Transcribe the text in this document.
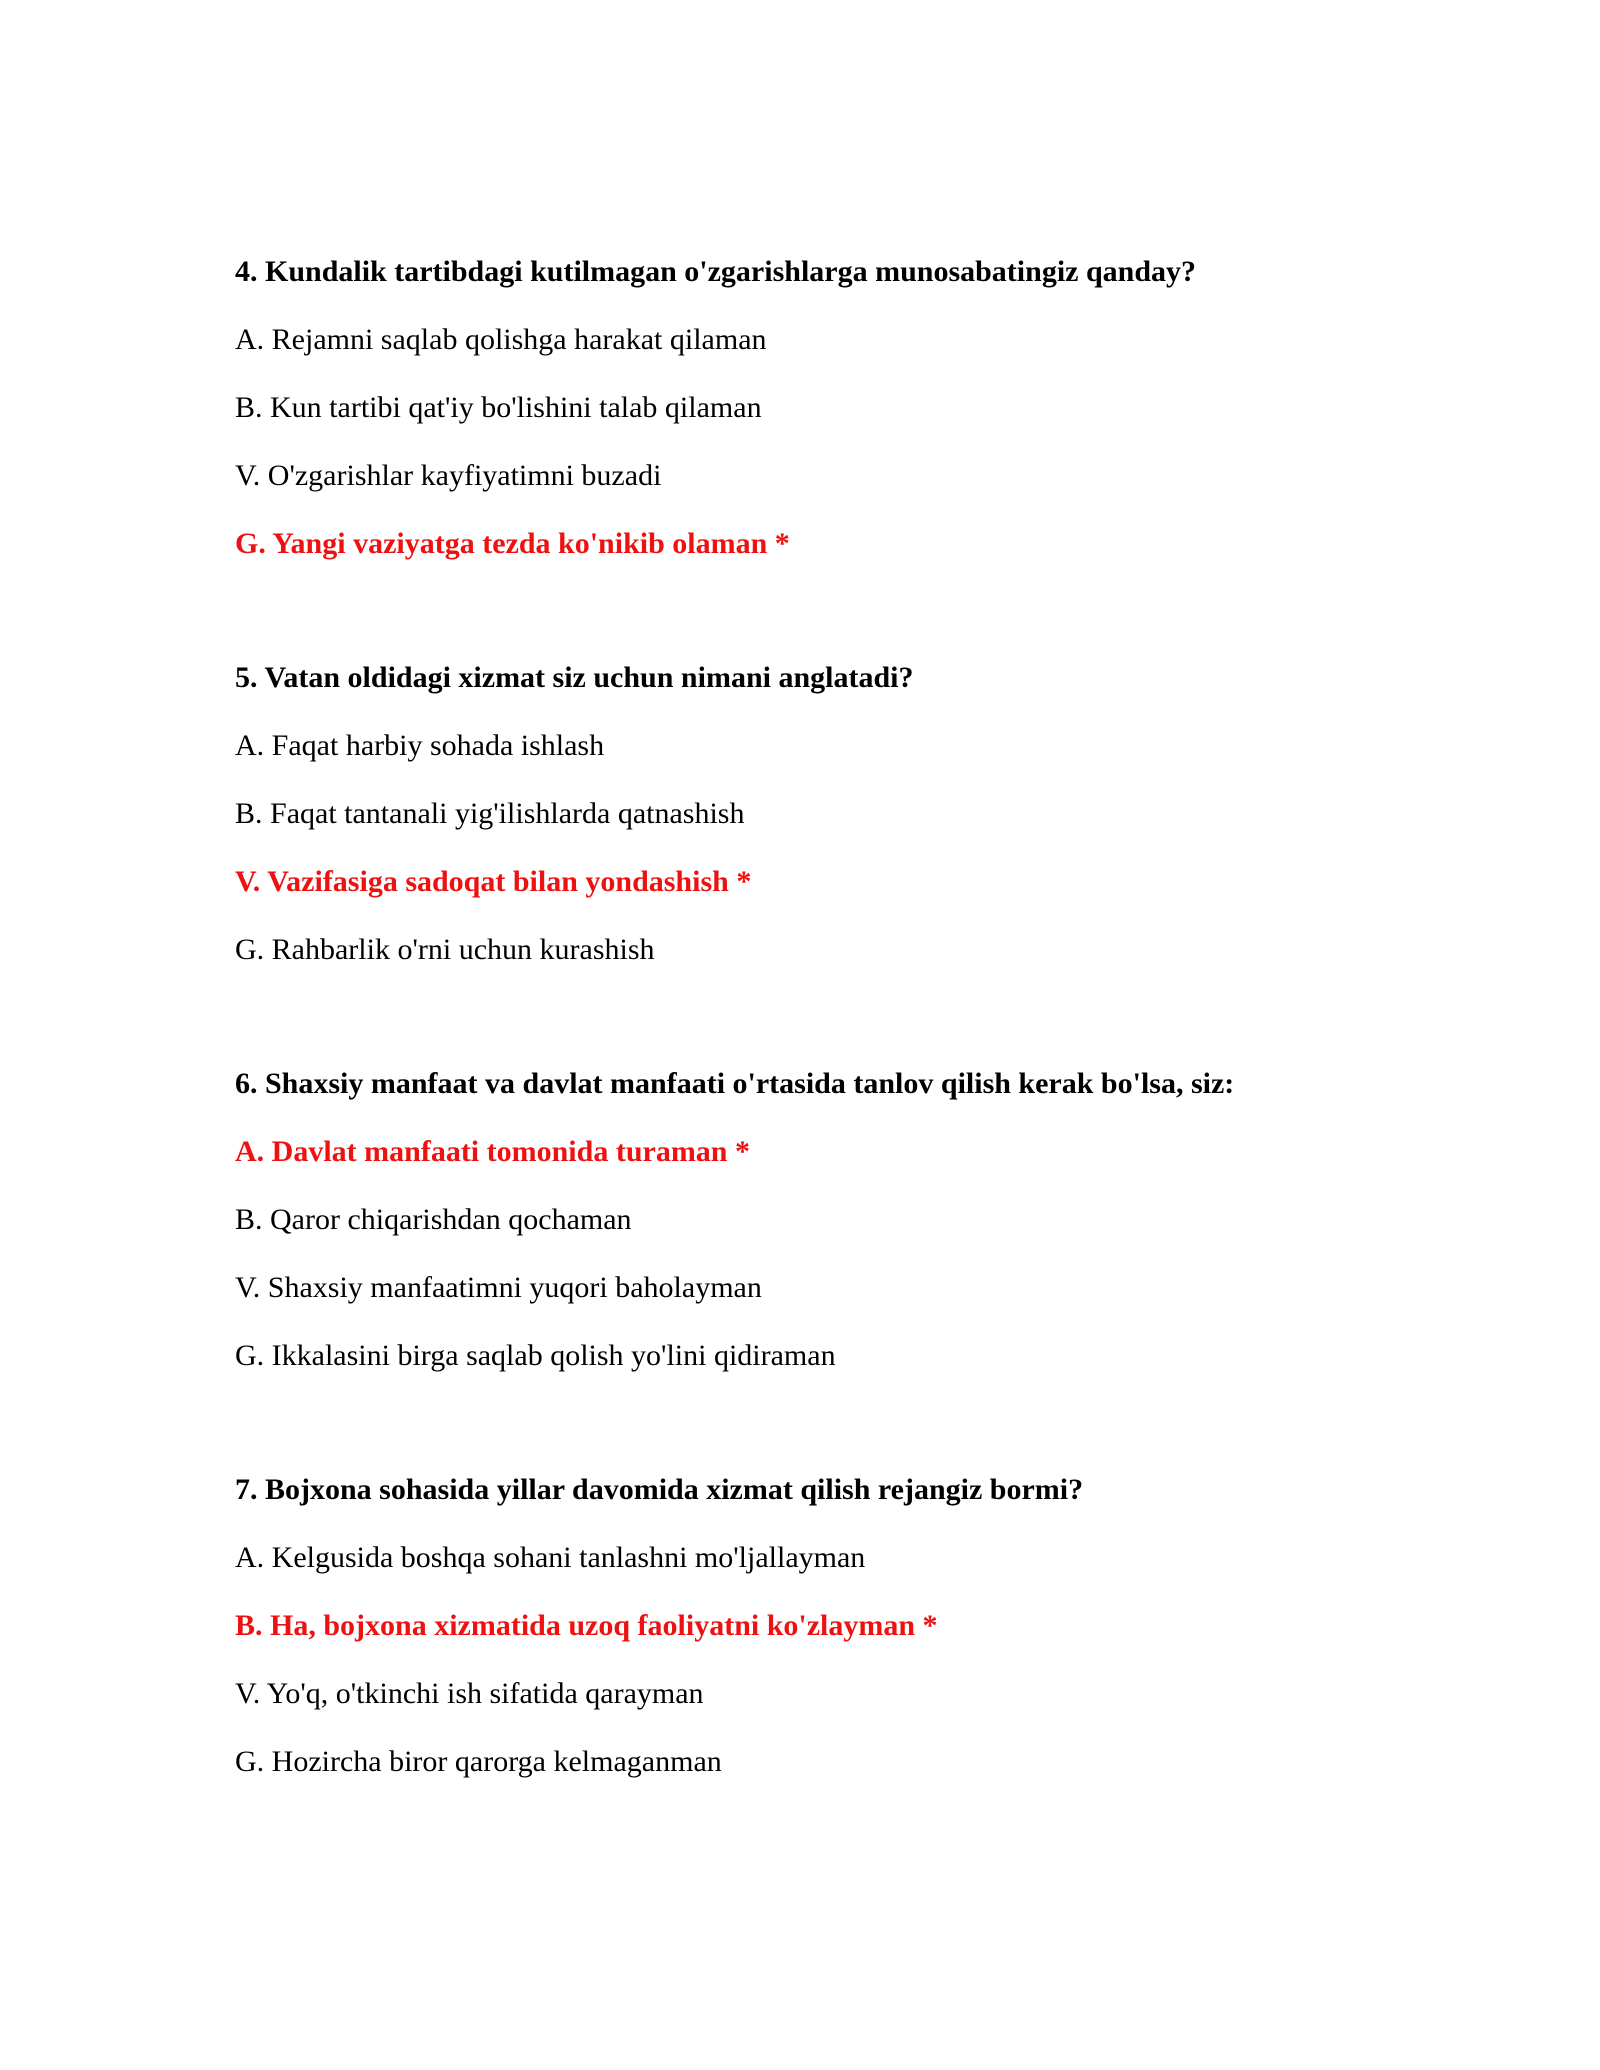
4. Kundalik tartibdagi kutilmagan o'zgarishlarga munosabatingiz qanday?
A. Rejamni saqlab qolishga harakat qilaman
B. Kun tartibi qat'iy bo'lishini talab qilaman
V. O'zgarishlar kayfiyatimni buzadi
G. Yangi vaziyatga tezda ko'nikib olaman *
5. Vatan oldidagi xizmat siz uchun nimani anglatadi?
A. Faqat harbiy sohada ishlash
B. Faqat tantanali yig'ilishlarda qatnashish
V. Vazifasiga sadoqat bilan yondashish *
G. Rahbarlik o'rni uchun kurashish
6. Shaxsiy manfaat va davlat manfaati o'rtasida tanlov qilish kerak bo'lsa, siz:
A. Davlat manfaati tomonida turaman *
B. Qaror chiqarishdan qochaman
V. Shaxsiy manfaatimni yuqori baholayman
G. Ikkalasini birga saqlab qolish yo'lini qidiraman
7. Bojxona sohasida yillar davomida xizmat qilish rejangiz bormi?
A. Kelgusida boshqa sohani tanlashni mo'ljallayman
B. Ha, bojxona xizmatida uzoq faoliyatni ko'zlayman *
V. Yo'q, o'tkinchi ish sifatida qarayman
G. Hozircha biror qarorga kelmaganman
